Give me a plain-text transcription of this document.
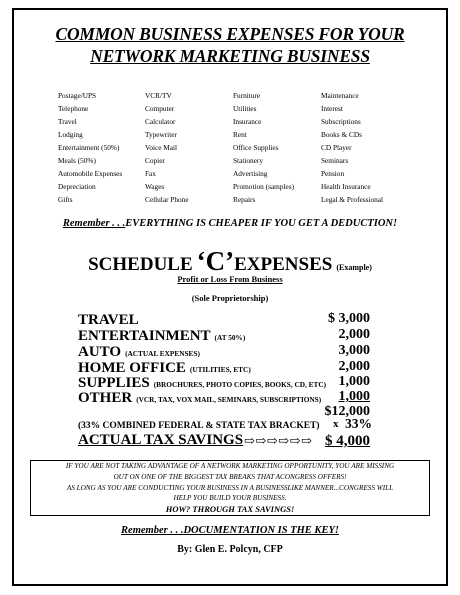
COMMON BUSINESS EXPENSES FOR YOUR
NETWORK MARKETING BUSINESS
Postage/UPS	VCR/TV	Furniture	Maintenance
Telephone	Computer	Utilities	Interest
Travel	Calculator	Insurance	Subscriptions
Lodging	Typewriter	Rent	Books & CDs
Entertainment (50%)	Voice Mail	Office Supplies	CD Player
Meals (50%)	Copier	Stationery	Seminars
Automobile Expenses	Fax	Advertising	Pension
Depreciation	Wages	Promotion (samples)	Health Insurance
Gifts	Cellular Phone	Repairs	Legal & Professional
Remember . . .EVERYTHING IS CHEAPER IF YOU GET A DEDUCTION!
SCHEDULE ‘C’EXPENSES (Example)
Profit or Loss From Business
(Sole Proprietorship)
TRAVEL	$ 3,000
ENTERTAINMENT (AT 50%)	2,000
AUTO (ACTUAL EXPENSES)	3,000
HOME OFFICE (UTILITIES, ETC)	2,000
SUPPLIES (BROCHURES, PHOTO COPIES, BOOKS, CD, ETC) 1,000
OTHER (VCR, TAX, VOX MAIL, SEMINARS, SUBSCRIPTIONS)	1,000
$12,000
(33% COMBINED FEDERAL & STATE TAX BRACKET) x 33%
ACTUAL TAX SAVINGS ⇨⇨⇨⇨⇨⇨ $ 4,000
IF YOU ARE NOT TAKING ADVANTAGE OF A NETWORK MARKETING OPPORTUNITY, YOU ARE MISSING
OUT ON ONE OF THE BIGGEST TAX BREAKS THAT ACONGRESS OFFERS!
AS LONG AS YOU ARE CONDUCTING YOUR BUSINESS IN A BUSINESSLIKE MANNER...CONGRESS WILL
HELP YOU BUILD YOUR BUSINESS.
HOW? THROUGH TAX SAVINGS!
Remember . . .DOCUMENTATION IS THE KEY!
By: Glen E. Polcyn, CFP
